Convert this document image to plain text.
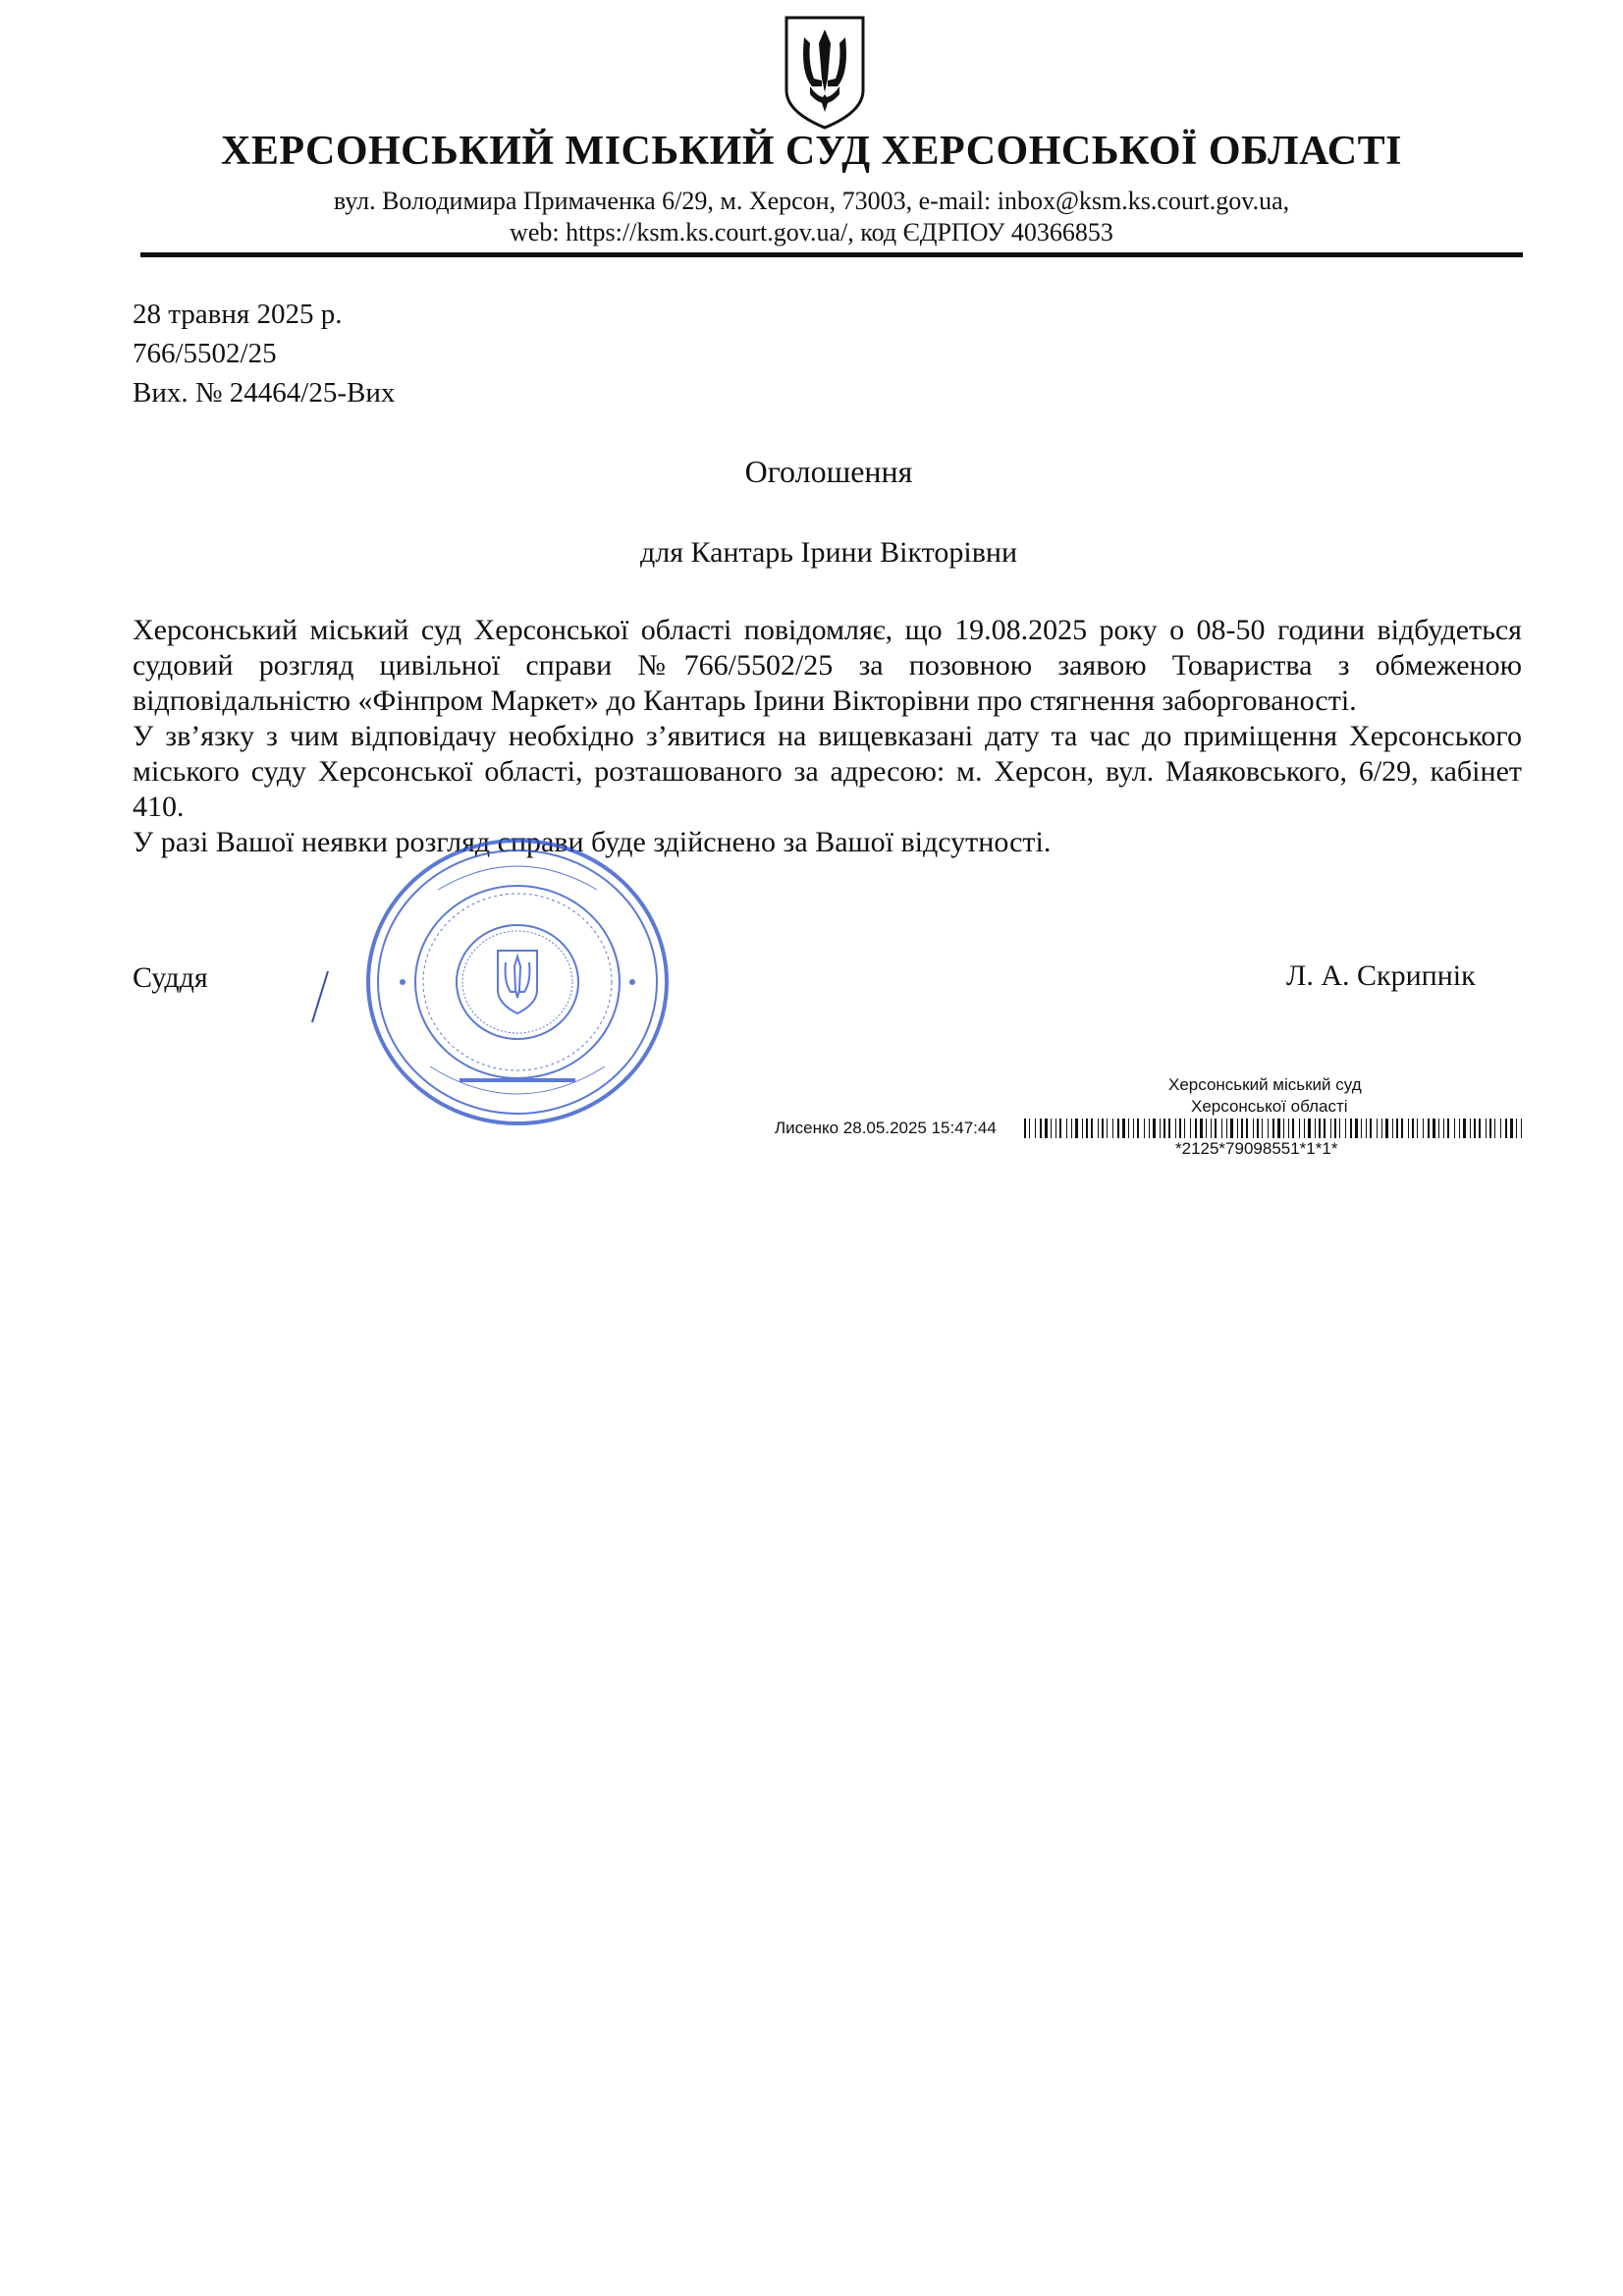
ХЕРСОНСЬКИЙ МІСЬКИЙ СУД ХЕРСОНСЬКОЇ ОБЛАСТІ
вул. Володимира Примаченка 6/29, м. Херсон, 73003, e-mail: inbox@ksm.ks.court.gov.ua,
web: https://ksm.ks.court.gov.ua/, код ЄДРПОУ 40366853
28 травня 2025 р.
766/5502/25
Вих. № 24464/25-Вих
Оголошення
для Кантарь Ірини Вікторівни

Херсонський міський суд Херсонської області повідомляє, що 19.08.2025 року о 08-50 години відбудеться судовий розгляд цивільної справи №766/5502/25 за позовною заявою Товариства з обмеженою відповідальністю «Фінпром Маркет» до Кантарь Ірини Вікторівни про стягнення заборгованості.

У зв’язку з чим відповідачу необхідно з’явитися на вищевказані дату та час до приміщення Херсонського міського суду Херсонської області, розташованого за адресою: м. Херсон, вул. Маяковського, 6/29, кабінет 410.

У разі Вашої неявки розгляд справи буде здійснено за Вашої відсутності.

Суддя	Л. А. Скрипнік
Херсонський міський суд
Херсонської області
Лисенко 28.05.2025 15:47:44
*2125*79098551*1*1*
